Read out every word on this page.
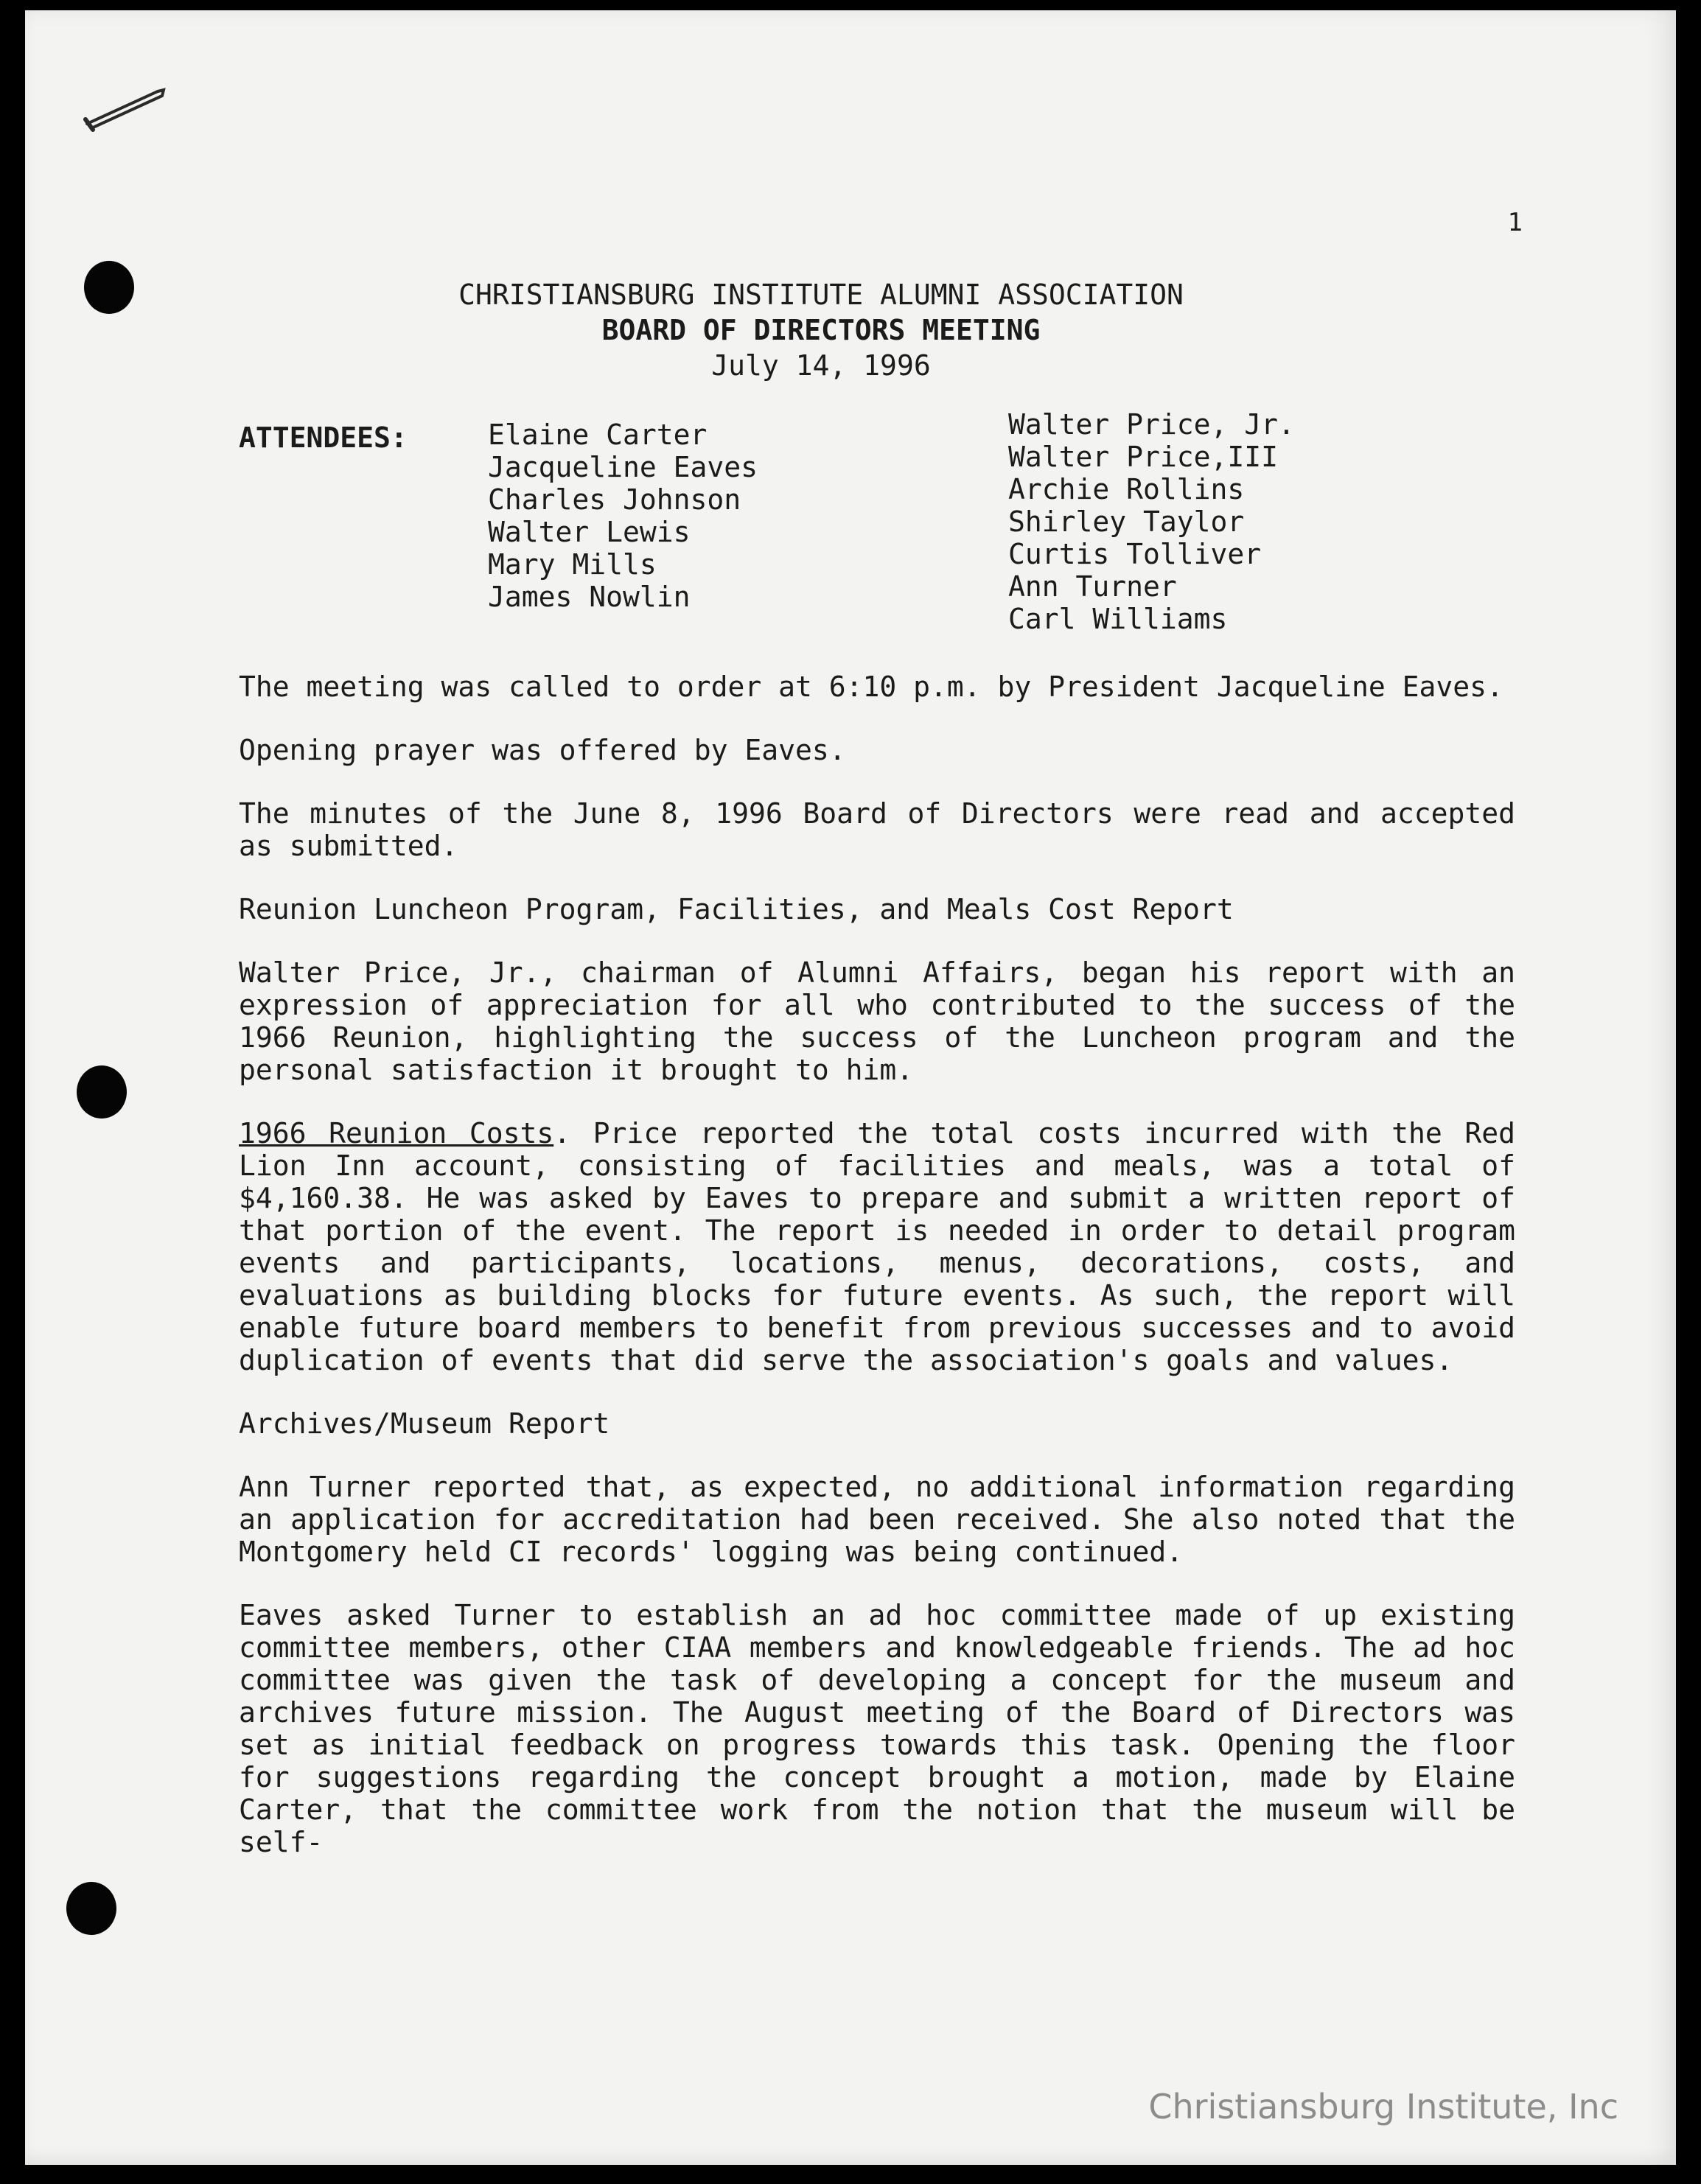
1
CHRISTIANSBURG INSTITUTE ALUMNI ASSOCIATION
BOARD OF DIRECTORS MEETING
July 14, 1996
ATTENDEES:	Elaine Carter
Jacqueline Eaves
Charles Johnson
Walter Lewis
Mary Mills
James Nowlin
Walter Price, Jr.
Walter Price,III
Archie Rollins
Shirley Taylor
Curtis Tolliver
Ann Turner
Carl Williams

The meeting was called to order at 6:10 p.m. by President Jacqueline Eaves.

Opening prayer was offered by Eaves.

The minutes of the June 8, 1996 Board of Directors were read and accepted as submitted.

Reunion Luncheon Program, Facilities, and Meals Cost Report

Walter Price, Jr., chairman of Alumni Affairs, began his report with an expression of appreciation for all who contributed to the success of the 1966 Reunion, highlighting the success of the Luncheon program and the personal satisfaction it brought to him.

1966 Reunion Costs. Price reported the total costs incurred with the Red Lion Inn account, consisting of facilities and meals, was a total of $4,160.38. He was asked by Eaves to prepare and submit a written report of that portion of the event. The report is needed in order to detail program events and participants, locations, menus, decorations, costs, and evaluations as building blocks for future events. As such, the report will enable future board members to benefit from previous successes and to avoid duplication of events that did serve the association's goals and values.

Archives/Museum Report

Ann Turner reported that, as expected, no additional information regarding an application for accreditation had been received. She also noted that the Montgomery held CI records' logging was being continued.

Eaves asked Turner to establish an ad hoc committee made of up existing committee members, other CIAA members and knowledgeable friends. The ad hoc committee was given the task of developing a concept for the museum and archives future mission. The August meeting of the Board of Directors was set as initial feedback on progress towards this task. Opening the floor for suggestions regarding the concept brought a motion, made by Elaine Carter, that the committee work from the notion that the museum will be self-

Christiansburg Institute, Inc
